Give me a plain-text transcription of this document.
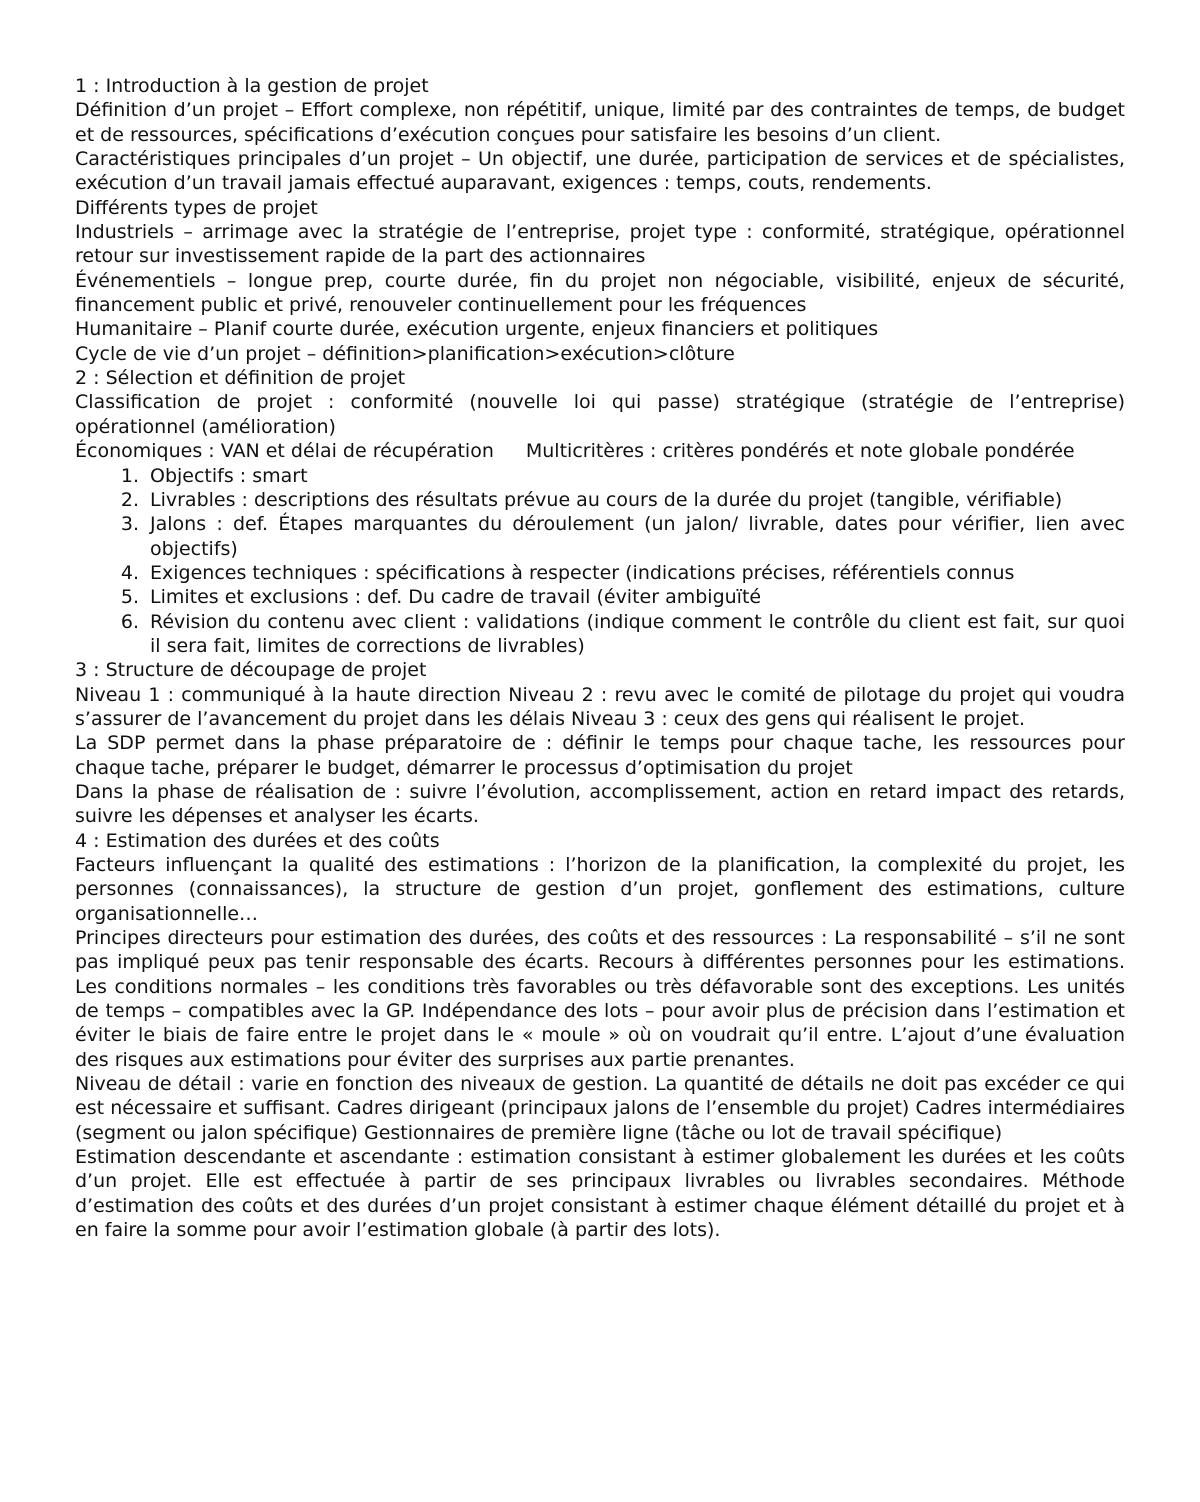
1 : Introduction à la gestion de projet

Définition d’un projet – Effort complexe, non répétitif, unique, limité par des contraintes de temps, de budget et de ressources, spécifications d’exécution conçues pour satisfaire les besoins d’un client.

Caractéristiques principales d’un projet – Un objectif, une durée, participation de services et de spécialistes, exécution d’un travail jamais effectué auparavant, exigences : temps, couts, rendements.

Différents types de projet

Industriels – arrimage avec la stratégie de l’entreprise, projet type : conformité, stratégique, opérationnel retour sur investissement rapide de la part des actionnaires

Événementiels – longue prep, courte durée, fin du projet non négociable, visibilité, enjeux de sécurité, financement public et privé, renouveler continuellement pour les fréquences

Humanitaire – Planif courte durée, exécution urgente, enjeux financiers et politiques

Cycle de vie d’un projet – définition>planification>exécution>clôture

2 : Sélection et définition de projet

Classification de projet : conformité (nouvelle loi qui passe) stratégique (stratégie de l’entreprise) opérationnel (amélioration)

Économiques : VAN et délai de récupération Multicritères : critères pondérés et note globale pondérée

1. Objectifs : smart
2. Livrables : descriptions des résultats prévue au cours de la durée du projet (tangible, vérifiable)
3. Jalons : def. Étapes marquantes du déroulement (un jalon/ livrable, dates pour vérifier, lien avec objectifs)
4. Exigences techniques : spécifications à respecter (indications précises, référentiels connus
5. Limites et exclusions : def. Du cadre de travail (éviter ambiguïté
6. Révision du contenu avec client : validations (indique comment le contrôle du client est fait, sur quoi il sera fait, limites de corrections de livrables)

3 : Structure de découpage de projet

Niveau 1 : communiqué à la haute direction Niveau 2 : revu avec le comité de pilotage du projet qui voudra s’assurer de l’avancement du projet dans les délais Niveau 3 : ceux des gens qui réalisent le projet.

La SDP permet dans la phase préparatoire de : définir le temps pour chaque tache, les ressources pour chaque tache, préparer le budget, démarrer le processus d’optimisation du projet

Dans la phase de réalisation de : suivre l’évolution, accomplissement, action en retard impact des retards, suivre les dépenses et analyser les écarts.

4 : Estimation des durées et des coûts

Facteurs influençant la qualité des estimations : l’horizon de la planification, la complexité du projet, les personnes (connaissances), la structure de gestion d’un projet, gonflement des estimations, culture organisationnelle…

Principes directeurs pour estimation des durées, des coûts et des ressources : La responsabilité – s’il ne sont pas impliqué peux pas tenir responsable des écarts. Recours à différentes personnes pour les estimations. Les conditions normales – les conditions très favorables ou très défavorable sont des exceptions. Les unités de temps – compatibles avec la GP. Indépendance des lots – pour avoir plus de précision dans l’estimation et éviter le biais de faire entre le projet dans le « moule » où on voudrait qu’il entre. L’ajout d’une évaluation des risques aux estimations pour éviter des surprises aux partie prenantes.

Niveau de détail : varie en fonction des niveaux de gestion. La quantité de détails ne doit pas excéder ce qui est nécessaire et suffisant. Cadres dirigeant (principaux jalons de l’ensemble du projet) Cadres intermédiaires (segment ou jalon spécifique) Gestionnaires de première ligne (tâche ou lot de travail spécifique)

Estimation descendante et ascendante : estimation consistant à estimer globalement les durées et les coûts d’un projet. Elle est effectuée à partir de ses principaux livrables ou livrables secondaires. Méthode d’estimation des coûts et des durées d’un projet consistant à estimer chaque élément détaillé du projet et à en faire la somme pour avoir l’estimation globale (à partir des lots).
